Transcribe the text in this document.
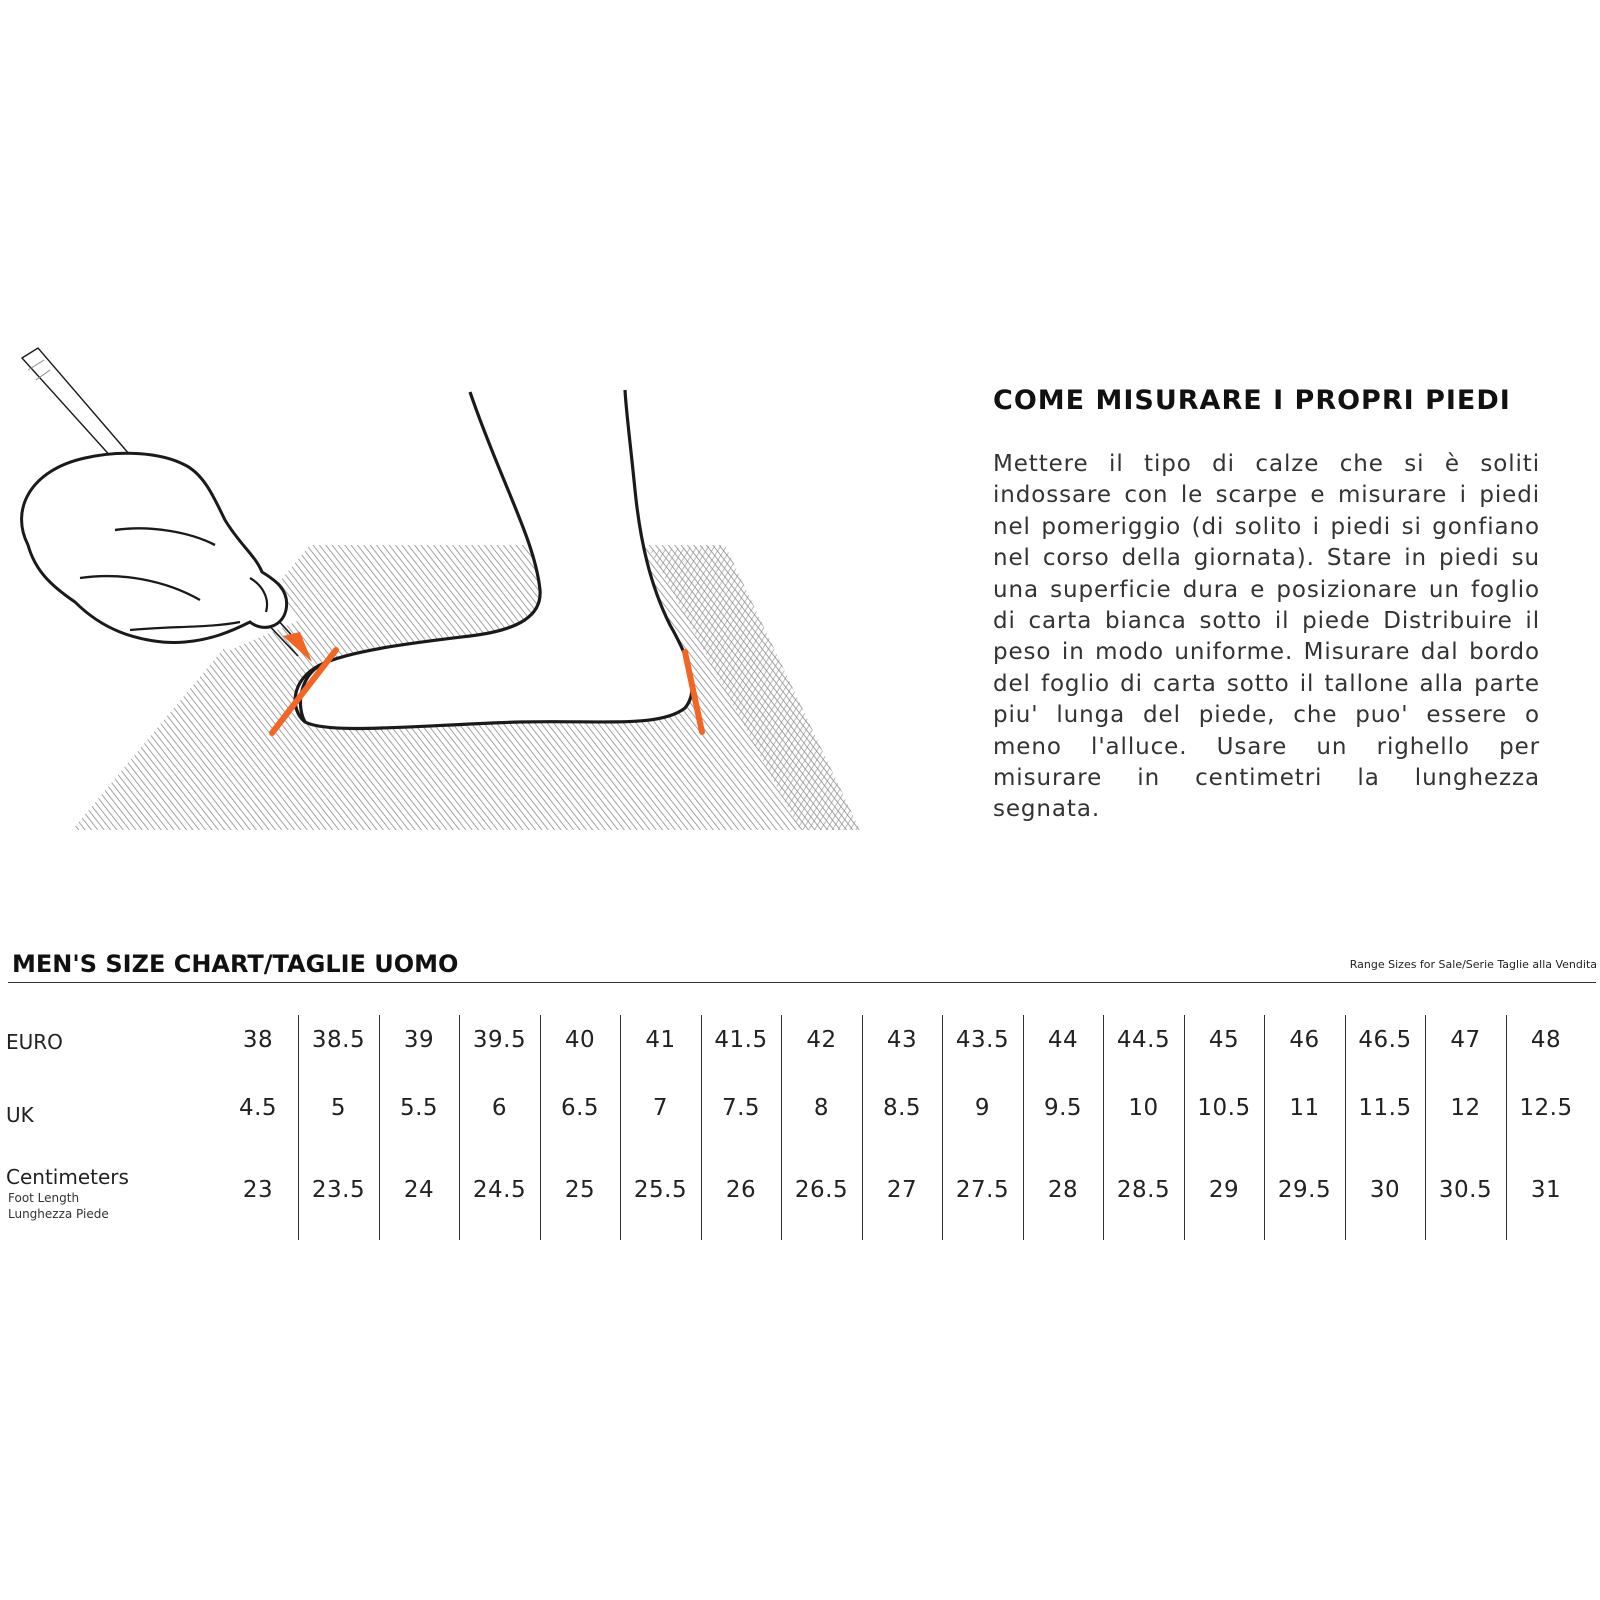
COME MISURARE I PROPRI PIEDI

Mettere il tipo di calze che si è soliti indossare con le scarpe e misurare i piedi nel pomeriggio (di solito i piedi si gonfiano nel corso della giornata). Stare in piedi su una superficie dura e posizionare un foglio di carta bianca sotto il piede Distribuire il peso in modo uniforme. Misurare dal bordo del foglio di carta sotto il tallone alla parte piu' lunga del piede, che puo' essere o meno l'alluce. Usare un righello per misurare in centimetri la lunghezza segnata.

MEN'S SIZE CHART/TAGLIE UOMO	Range Sizes for Sale/Serie Taglie alla Vendita
EURO	38	38.5	39	39.5	40	41	41.5	42	43	43.5	44	44.5	45	46	46.5	47	48
UK	4.5	5	5.5	6	6.5	7	7.5	8	8.5	9	9.5	10	10.5	11	11.5	12	12.5
Centimeters
Foot Length
Lunghezza Piede
23	23.5	24	24.5	25	25.5	26	26.5	27	27.5	28	28.5	29	29.5	30	30.5	31
